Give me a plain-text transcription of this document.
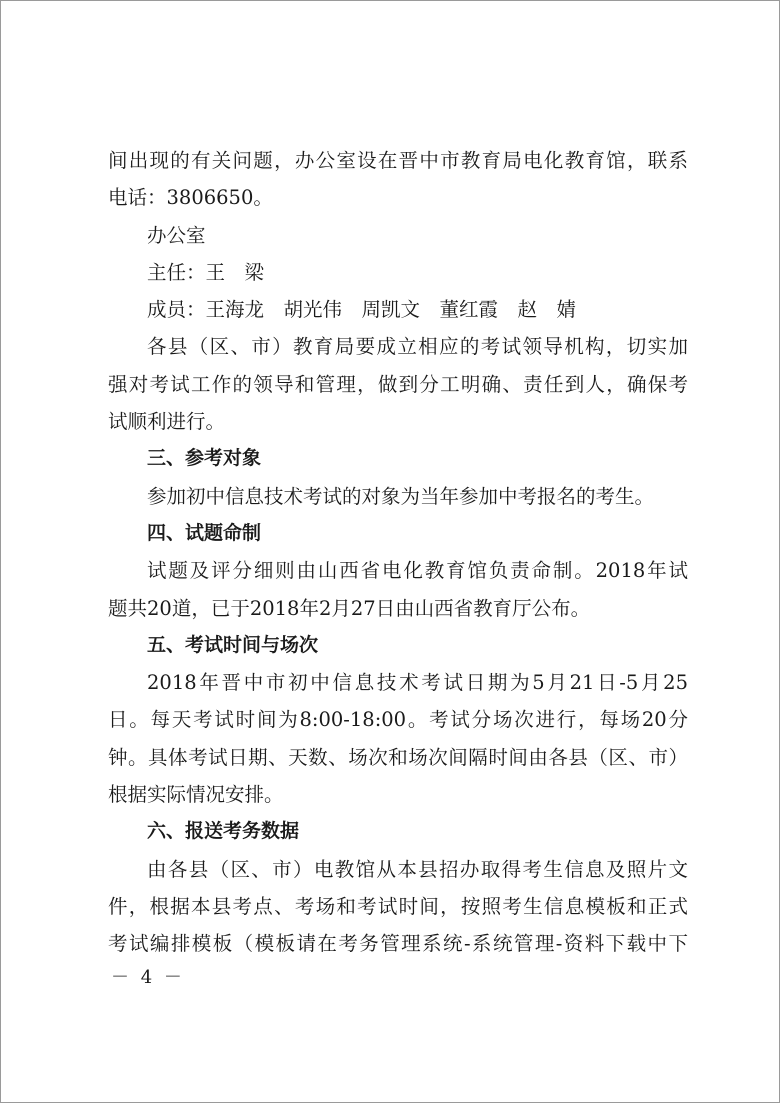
间出现的有关问题，办公室设在晋中市教育局电化教育馆，联系
电话：3806650。
办公室
主任：王　梁
成员：王海龙　胡光伟　周凯文　董红霞　赵　婧
各县（区、市）教育局要成立相应的考试领导机构，切实加
强对考试工作的领导和管理，做到分工明确、责任到人，确保考
试顺利进行。
三、参考对象
参加初中信息技术考试的对象为当年参加中考报名的考生。
四、试题命制
试题及评分细则由山西省电化教育馆负责命制。2018年试
题共20道，已于2018年2月27日由山西省教育厅公布。
五、考试时间与场次
2018年晋中市初中信息技术考试日期为5月21日-5月25
日。每天考试时间为8:00-18:00。考试分场次进行，每场20分
钟。具体考试日期、天数、场次和场次间隔时间由各县（区、市）
根据实际情况安排。
六、报送考务数据
由各县（区、市）电教馆从本县招办取得考生信息及照片文
件，根据本县考点、考场和考试时间，按照考生信息模板和正式
考试编排模板（模板请在考务管理系统-系统管理-资料下载中下
－ 4 －
